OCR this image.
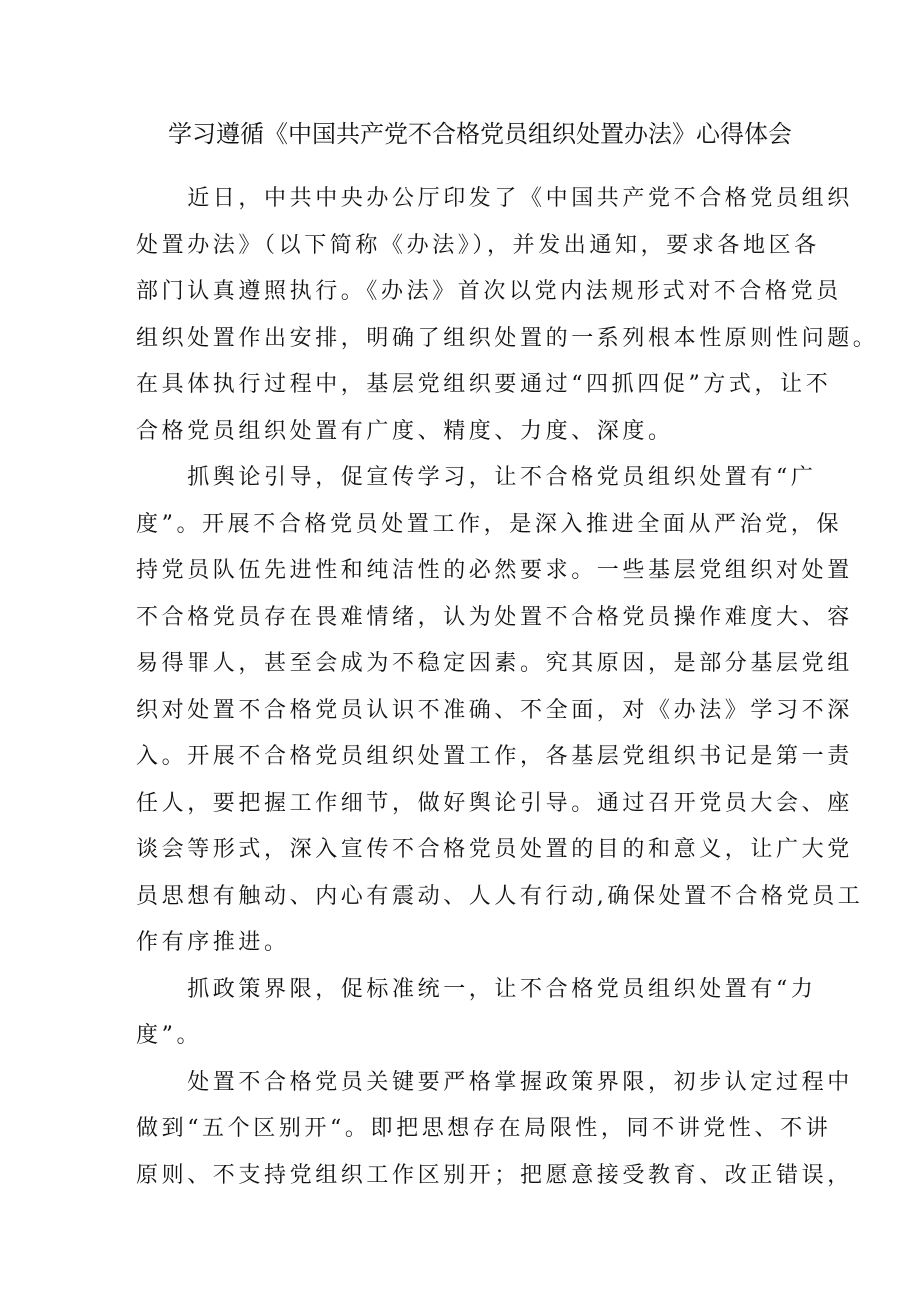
学习遵循《中国共产党不合格党员组织处置办法》心得体会
　　近日，中共中央办公厅印发了《中国共产党不合格党员组织
处置办法》（以下简称《办法》），并发出通知，要求各地区各
部门认真遵照执行。《办法》首次以党内法规形式对不合格党员
组织处置作出安排，明确了组织处置的一系列根本性原则性问题。
在具体执行过程中，基层党组织要通过“四抓四促”方式，让不
合格党员组织处置有广度、精度、力度、深度。
　　抓舆论引导，促宣传学习，让不合格党员组织处置有“广
度”。开展不合格党员处置工作，是深入推进全面从严治党，保
持党员队伍先进性和纯洁性的必然要求。一些基层党组织对处置
不合格党员存在畏难情绪，认为处置不合格党员操作难度大、容
易得罪人，甚至会成为不稳定因素。究其原因，是部分基层党组
织对处置不合格党员认识不准确、不全面，对《办法》学习不深
入。开展不合格党员组织处置工作，各基层党组织书记是第一责
任人，要把握工作细节，做好舆论引导。通过召开党员大会、座
谈会等形式，深入宣传不合格党员处置的目的和意义，让广大党
员思想有触动、内心有震动、人人有行动,确保处置不合格党员工
作有序推进。
　　抓政策界限，促标准统一，让不合格党员组织处置有“力
度”。
　　处置不合格党员关键要严格掌握政策界限，初步认定过程中
做到“五个区别开“。即把思想存在局限性，同不讲党性、不讲
原则、不支持党组织工作区别开；把愿意接受教育、改正错误，
